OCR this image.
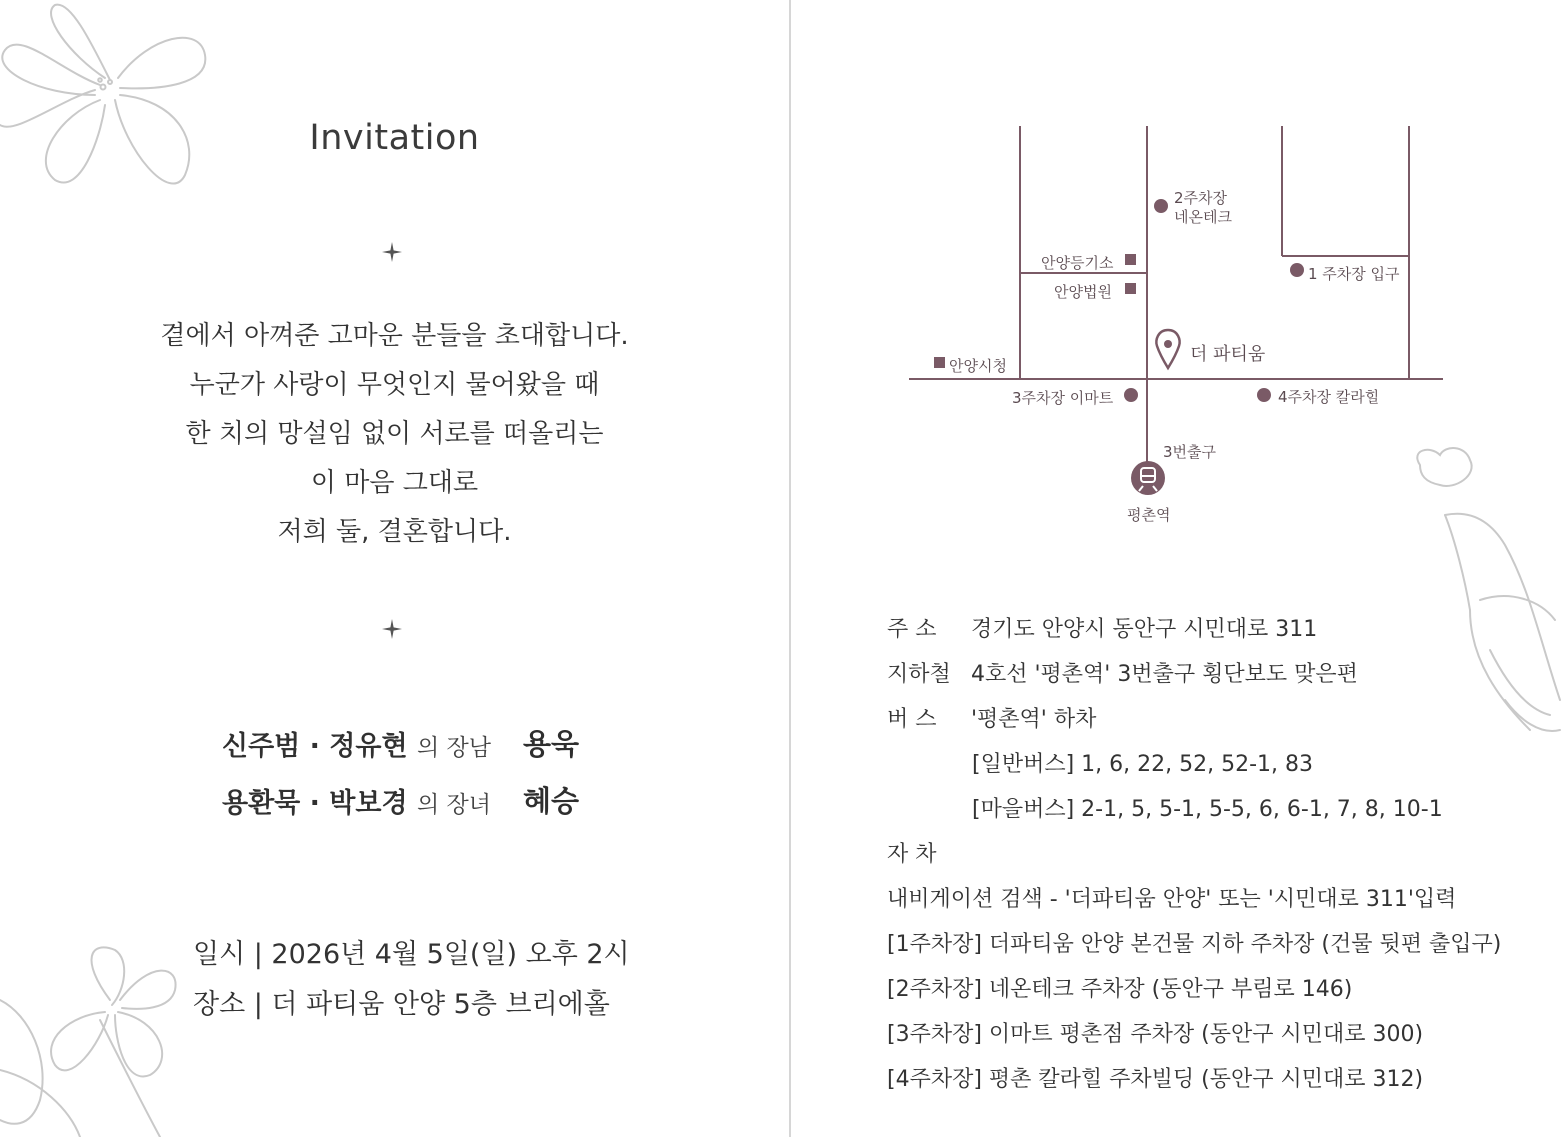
Invitation
곁에서 아껴준 고마운 분들을 초대합니다.
누군가 사랑이 무엇인지 물어왔을 때
한 치의 망설임 없이 서로를 떠올리는
이 마음 그대로
저희 둘, 결혼합니다.
신주범 · 정유현 의 장남 용욱
용환묵 · 박보경 의 장녀 혜승
일시 | 2026년 4월 5일(일) 오후 2시
장소 | 더 파티움 안양 5층 브리에홀
2주차장
네온테크
안양등기소
안양법원
1 주차장 입구
더 파티움
안양시청
3주차장 이마트	4주차장 칼라힐
3번출구
평촌역
주 소 경기도 안양시 동안구 시민대로 311
지하철 4호선 '평촌역' 3번출구 횡단보도 맞은편
버 스 '평촌역' 하차
[일반버스] 1, 6, 22, 52, 52-1, 83
[마을버스] 2-1, 5, 5-1, 5-5, 6, 6-1, 7, 8, 10-1
자 차
내비게이션 검색 - '더파티움 안양' 또는 '시민대로 311'입력
[1주차장] 더파티움 안양 본건물 지하 주차장 (건물 뒷편 출입구)
[2주차장] 네온테크 주차장 (동안구 부림로 146)
[3주차장] 이마트 평촌점 주차장 (동안구 시민대로 300)
[4주차장] 평촌 칼라힐 주차빌딩 (동안구 시민대로 312)
